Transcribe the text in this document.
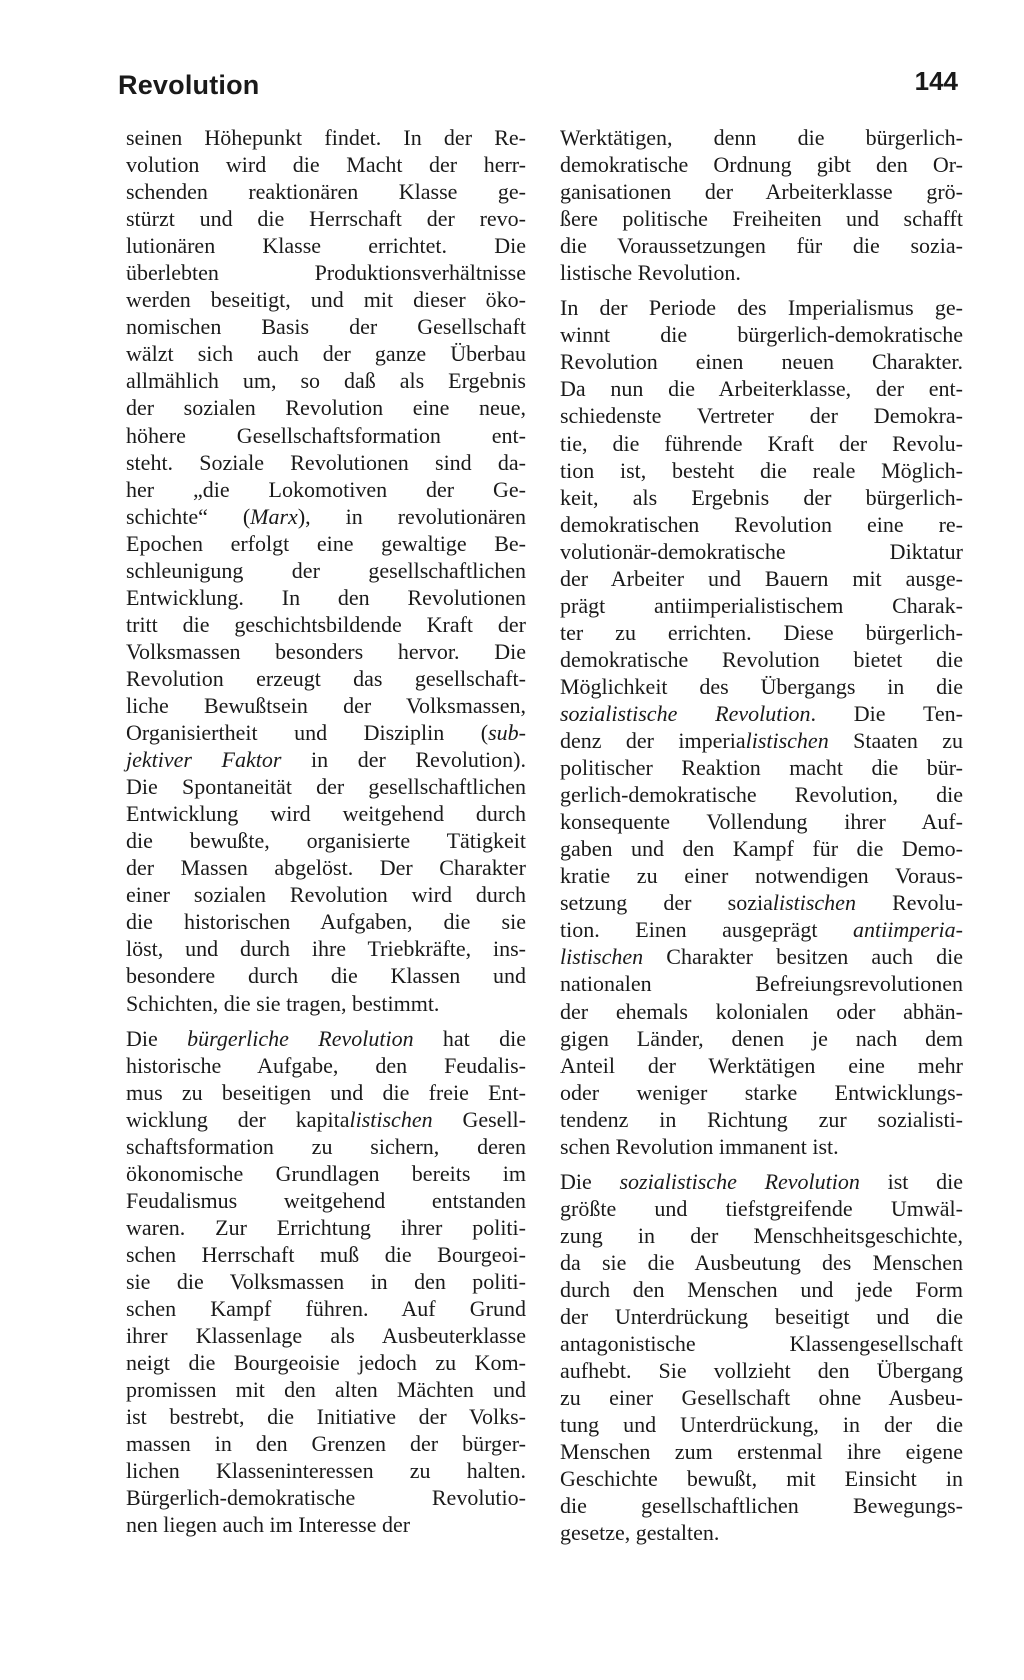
Revolution	144
seinen Höhepunkt findet. In der Re-
volution wird die Macht der herr-
schenden reaktionären Klasse ge-
stürzt und die Herrschaft der revo-
lutionären Klasse errichtet. Die
überlebten Produktionsverhältnisse
werden beseitigt, und mit dieser öko-
nomischen Basis der Gesellschaft
wälzt sich auch der ganze Überbau
allmählich um, so daß als Ergebnis
der sozialen Revolution eine neue,
höhere Gesellschaftsformation ent-
steht. Soziale Revolutionen sind da-
her „die Lokomotiven der Ge-
schichte“ (Marx), in revolutionären
Epochen erfolgt eine gewaltige Be-
schleunigung der gesellschaftlichen
Entwicklung. In den Revolutionen
tritt die geschichtsbildende Kraft der
Volksmassen besonders hervor. Die
Revolution erzeugt das gesellschaft-
liche Bewußtsein der Volksmassen,
Organisiertheit und Disziplin (sub-
jektiver Faktor in der Revolution).
Die Spontaneität der gesellschaftlichen
Entwicklung wird weitgehend durch
die bewußte, organisierte Tätigkeit
der Massen abgelöst. Der Charakter
einer sozialen Revolution wird durch
die historischen Aufgaben, die sie
löst, und durch ihre Triebkräfte, ins-
besondere durch die Klassen und
Schichten, die sie tragen, bestimmt.
Die bürgerliche Revolution hat die
historische Aufgabe, den Feudalis-
mus zu beseitigen und die freie Ent-
wicklung der kapitalistischen Gesell-
schaftsformation zu sichern, deren
ökonomische Grundlagen bereits im
Feudalismus weitgehend entstanden
waren. Zur Errichtung ihrer politi-
schen Herrschaft muß die Bourgeoi-
sie die Volksmassen in den politi-
schen Kampf führen. Auf Grund
ihrer Klassenlage als Ausbeuterklasse
neigt die Bourgeoisie jedoch zu Kom-
promissen mit den alten Mächten und
ist bestrebt, die Initiative der Volks-
massen in den Grenzen der bürger-
lichen Klasseninteressen zu halten.
Bürgerlich-demokratische Revolutio-
nen liegen auch im Interesse der
Werktätigen, denn die bürgerlich-
demokratische Ordnung gibt den Or-
ganisationen der Arbeiterklasse grö-
ßere politische Freiheiten und schafft
die Voraussetzungen für die sozia-
listische Revolution.
In der Periode des Imperialismus ge-
winnt die bürgerlich-demokratische
Revolution einen neuen Charakter.
Da nun die Arbeiterklasse, der ent-
schiedenste Vertreter der Demokra-
tie, die führende Kraft der Revolu-
tion ist, besteht die reale Möglich-
keit, als Ergebnis der bürgerlich-
demokratischen Revolution eine re-
volutionär-demokratische Diktatur
der Arbeiter und Bauern mit ausge-
prägt antiimperialistischem Charak-
ter zu errichten. Diese bürgerlich-
demokratische Revolution bietet die
Möglichkeit des Übergangs in die
sozialistische Revolution. Die Ten-
denz der imperialistischen Staaten zu
politischer Reaktion macht die bür-
gerlich-demokratische Revolution, die
konsequente Vollendung ihrer Auf-
gaben und den Kampf für die Demo-
kratie zu einer notwendigen Voraus-
setzung der sozialistischen Revolu-
tion. Einen ausgeprägt antiimperia-
listischen Charakter besitzen auch die
nationalen Befreiungsrevolutionen
der ehemals kolonialen oder abhän-
gigen Länder, denen je nach dem
Anteil der Werktätigen eine mehr
oder weniger starke Entwicklungs-
tendenz in Richtung zur sozialisti-
schen Revolution immanent ist.
Die sozialistische Revolution ist die
größte und tiefstgreifende Umwäl-
zung in der Menschheitsgeschichte,
da sie die Ausbeutung des Menschen
durch den Menschen und jede Form
der Unterdrückung beseitigt und die
antagonistische Klassengesellschaft
aufhebt. Sie vollzieht den Übergang
zu einer Gesellschaft ohne Ausbeu-
tung und Unterdrückung, in der die
Menschen zum erstenmal ihre eigene
Geschichte bewußt, mit Einsicht in
die gesellschaftlichen Bewegungs-
gesetze, gestalten.
